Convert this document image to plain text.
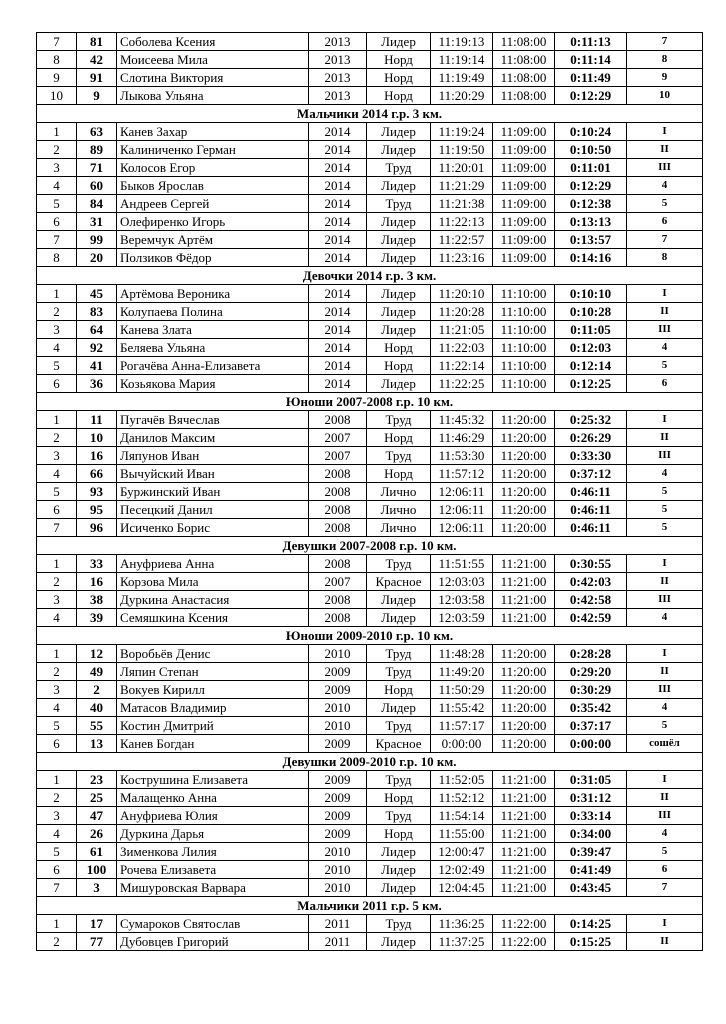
7	81	Соболева Ксения	2013	Лидер	11:19:13	11:08:00	0:11:13	7
8	42	Моисеева Мила	2013	Норд	11:19:14	11:08:00	0:11:14	8
9	91	Слотина Виктория	2013	Норд	11:19:49	11:08:00	0:11:49	9
10	9	Лыкова Ульяна	2013	Норд	11:20:29	11:08:00	0:12:29	10
Мальчики 2014 г.р. 3 км.								
1	63	Канев Захар	2014	Лидер	11:19:24	11:09:00	0:10:24	I
2	89	Калиниченко Герман	2014	Лидер	11:19:50	11:09:00	0:10:50	II
3	71	Колосов Егор	2014	Труд	11:20:01	11:09:00	0:11:01	III
4	60	Быков Ярослав	2014	Лидер	11:21:29	11:09:00	0:12:29	4
5	84	Андреев Сергей	2014	Труд	11:21:38	11:09:00	0:12:38	5
6	31	Олефиренко Игорь	2014	Лидер	11:22:13	11:09:00	0:13:13	6
7	99	Веремчук Артём	2014	Лидер	11:22:57	11:09:00	0:13:57	7
8	20	Ползиков Фёдор	2014	Лидер	11:23:16	11:09:00	0:14:16	8
Девочки 2014 г.р. 3 км.								
1	45	Артёмова Вероника	2014	Лидер	11:20:10	11:10:00	0:10:10	I
2	83	Колупаева Полина	2014	Лидер	11:20:28	11:10:00	0:10:28	II
3	64	Канева Злата	2014	Лидер	11:21:05	11:10:00	0:11:05	III
4	92	Беляева Ульяна	2014	Норд	11:22:03	11:10:00	0:12:03	4
5	41	Рогачёва Анна-Елизавета	2014	Норд	11:22:14	11:10:00	0:12:14	5
6	36	Козьякова Мария	2014	Лидер	11:22:25	11:10:00	0:12:25	6
Юноши 2007-2008 г.р. 10 км.								
1	11	Пугачёв Вячеслав	2008	Труд	11:45:32	11:20:00	0:25:32	I
2	10	Данилов Максим	2007	Норд	11:46:29	11:20:00	0:26:29	II
3	16	Ляпунов Иван	2007	Труд	11:53:30	11:20:00	0:33:30	III
4	66	Вычуйский Иван	2008	Норд	11:57:12	11:20:00	0:37:12	4
5	93	Буржинский Иван	2008	Лично	12:06:11	11:20:00	0:46:11	5
6	95	Песецкий Данил	2008	Лично	12:06:11	11:20:00	0:46:11	5
7	96	Исиченко Борис	2008	Лично	12:06:11	11:20:00	0:46:11	5
Девушки 2007-2008 г.р. 10 км.								
1	33	Ануфриева Анна	2008	Труд	11:51:55	11:21:00	0:30:55	I
2	16	Корзова Мила	2007	Красное	12:03:03	11:21:00	0:42:03	II
3	38	Дуркина Анастасия	2008	Лидер	12:03:58	11:21:00	0:42:58	III
4	39	Семяшкина Ксения	2008	Лидер	12:03:59	11:21:00	0:42:59	4
Юноши 2009-2010 г.р. 10 км.								
1	12	Воробьёв Денис	2010	Труд	11:48:28	11:20:00	0:28:28	I
2	49	Ляпин Степан	2009	Труд	11:49:20	11:20:00	0:29:20	II
3	2	Вокуев Кирилл	2009	Норд	11:50:29	11:20:00	0:30:29	III
4	40	Матасов Владимир	2010	Лидер	11:55:42	11:20:00	0:35:42	4
5	55	Костин Дмитрий	2010	Труд	11:57:17	11:20:00	0:37:17	5
6	13	Канев Богдан	2009	Красное	0:00:00	11:20:00	0:00:00	сошёл
Девушки 2009-2010 г.р. 10 км.								
1	23	Кострушина Елизавета	2009	Труд	11:52:05	11:21:00	0:31:05	I
2	25	Малащенко Анна	2009	Норд	11:52:12	11:21:00	0:31:12	II
3	47	Ануфриева Юлия	2009	Труд	11:54:14	11:21:00	0:33:14	III
4	26	Дуркина Дарья	2009	Норд	11:55:00	11:21:00	0:34:00	4
5	61	Зименкова Лилия	2010	Лидер	12:00:47	11:21:00	0:39:47	5
6	100	Рочева Елизавета	2010	Лидер	12:02:49	11:21:00	0:41:49	6
7	3	Мишуровская Варвара	2010	Лидер	12:04:45	11:21:00	0:43:45	7
Мальчики 2011 г.р. 5 км.								
1	17	Сумароков Святослав	2011	Труд	11:36:25	11:22:00	0:14:25	I
2	77	Дубовцев Григорий	2011	Лидер	11:37:25	11:22:00	0:15:25	II
